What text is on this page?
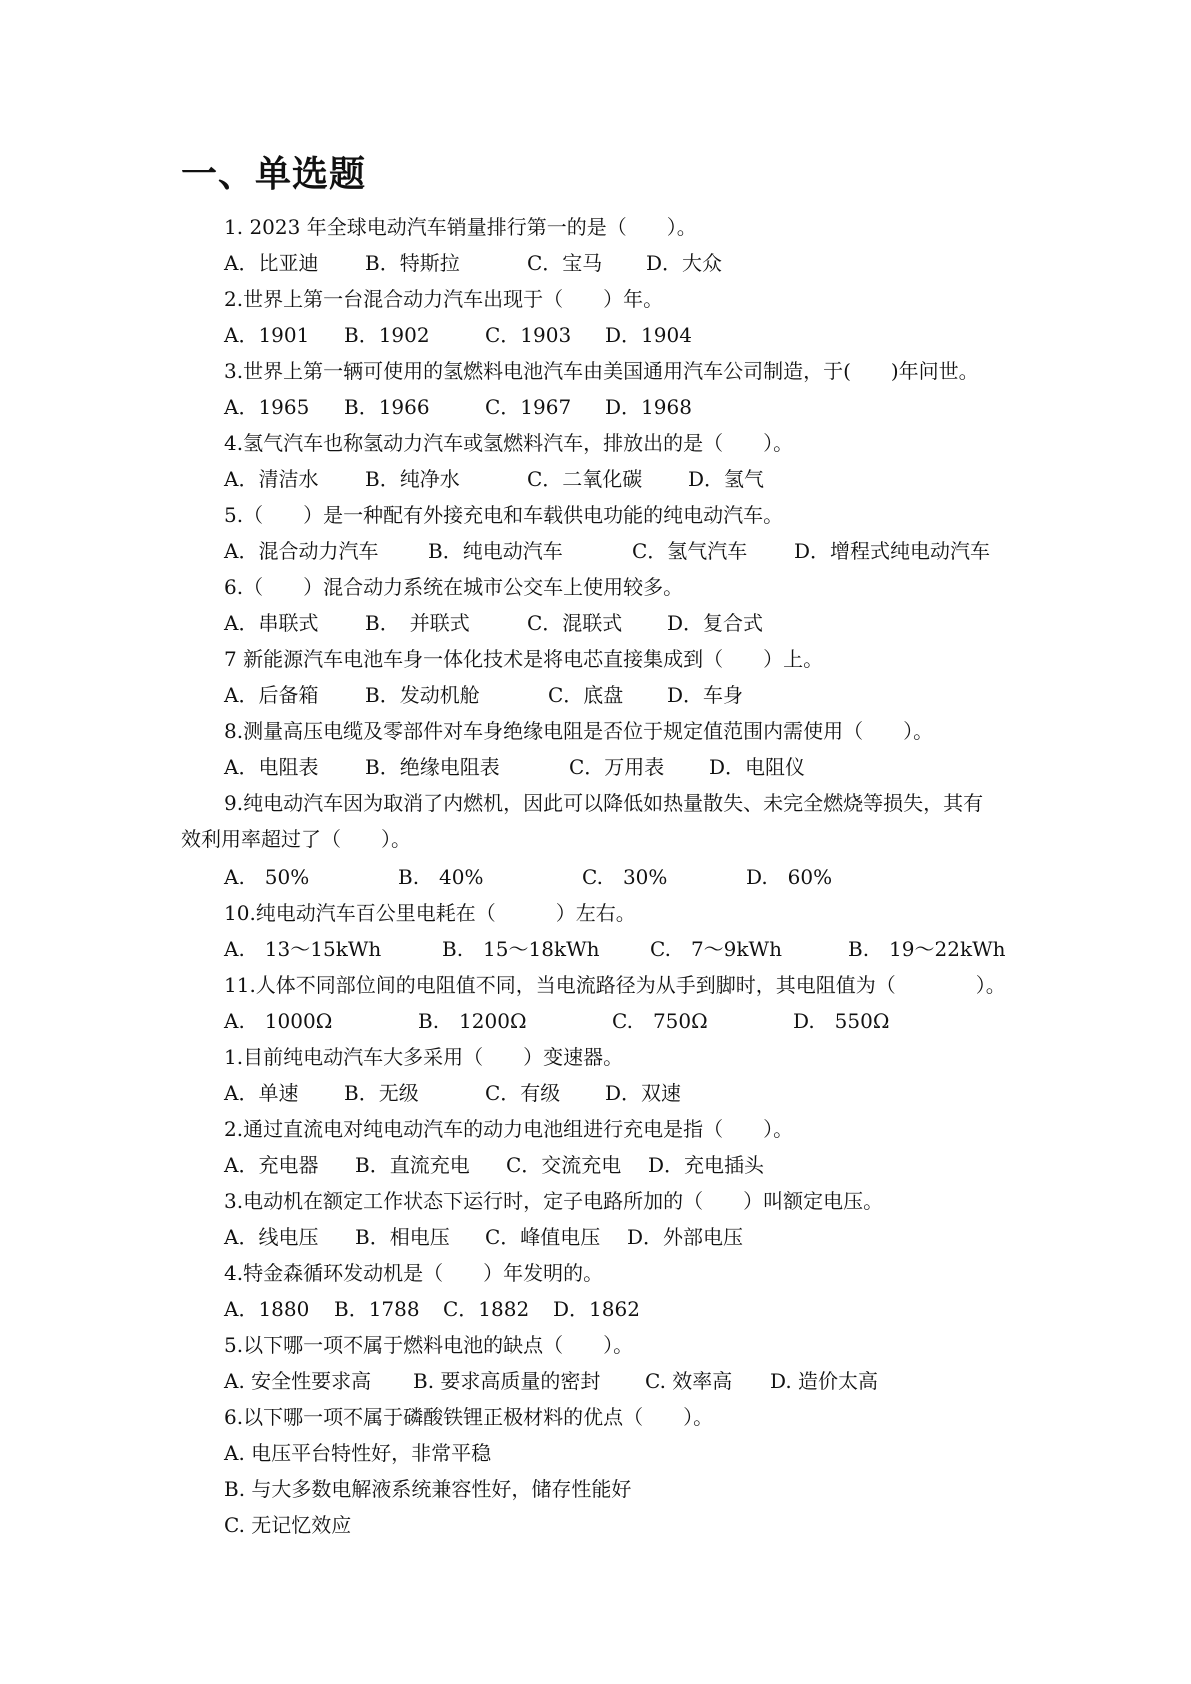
一、单选题
1. 2023 年全球电动汽车销量排行第一的是（　　）。
A．比亚迪 B．特斯拉	C．宝马 D．大众
2.世界上第一台混合动力汽车出现于（　　）年。
A．1901 B．1902	C．1903 D．1904
3.世界上第一辆可使用的氢燃料电池汽车由美国通用汽车公司制造，于(　　)年问世。
A．1965 B．1966	C．1967 D．1968
4.氢气汽车也称氢动力汽车或氢燃料汽车，排放出的是（　　）。
A．清洁水 B．纯净水	C．二氧化碳 D．氢气
5.（　　）是一种配有外接充电和车载供电功能的纯电动汽车。
A．混合动力汽车 B．纯电动汽车	C．氢气汽车 D．增程式纯电动汽车
6.（　　）混合动力系统在城市公交车上使用较多。
A．串联式 B．　并联式	C．混联式 D．复合式
7 新能源汽车电池车身一体化技术是将电芯直接集成到（　　）上。
A．后备箱 B．发动机舱	C．底盘 D．车身
8.测量高压电缆及零部件对车身绝缘电阻是否位于规定值范围内需使用（　　）。
A．电阻表 B．绝缘电阻表	C．万用表 D．电阻仪
9.纯电动汽车因为取消了内燃机，因此可以降低如热量散失、未完全燃烧等损失，其有
效利用率超过了（　　）。
A.　50%	B.　40%	C.　30%	D.　60%
10.纯电动汽车百公里电耗在（　　　）左右。
A.　13～15kWh	B.　15～18kWh	C.　7～9kWh	B.　19～22kWh
11.人体不同部位间的电阻值不同，当电流路径为从手到脚时，其电阻值为（　　　　）。
A.　1000Ω	B.　1200Ω	C.　750Ω	D.　550Ω
1.目前纯电动汽车大多采用（　　）变速器。
A．单速 B．无级	C．有级 D．双速
2.通过直流电对纯电动汽车的动力电池组进行充电是指（　　）。
A．充电器 B．直流充电 C．交流充电 D．充电插头
3.电动机在额定工作状态下运行时，定子电路所加的（　　）叫额定电压。
A．线电压 B．相电压 C．峰值电压 D．外部电压
4.特金森循环发动机是（　　）年发明的。
A．1880 B．1788 C．1882 D．1862
5.以下哪一项不属于燃料电池的缺点（　　）。
A. 安全性要求高 B. 要求高质量的密封 C. 效率高 D. 造价太高
6.以下哪一项不属于磷酸铁锂正极材料的优点（　　）。
A. 电压平台特性好，非常平稳
B. 与大多数电解液系统兼容性好，储存性能好
C. 无记忆效应
